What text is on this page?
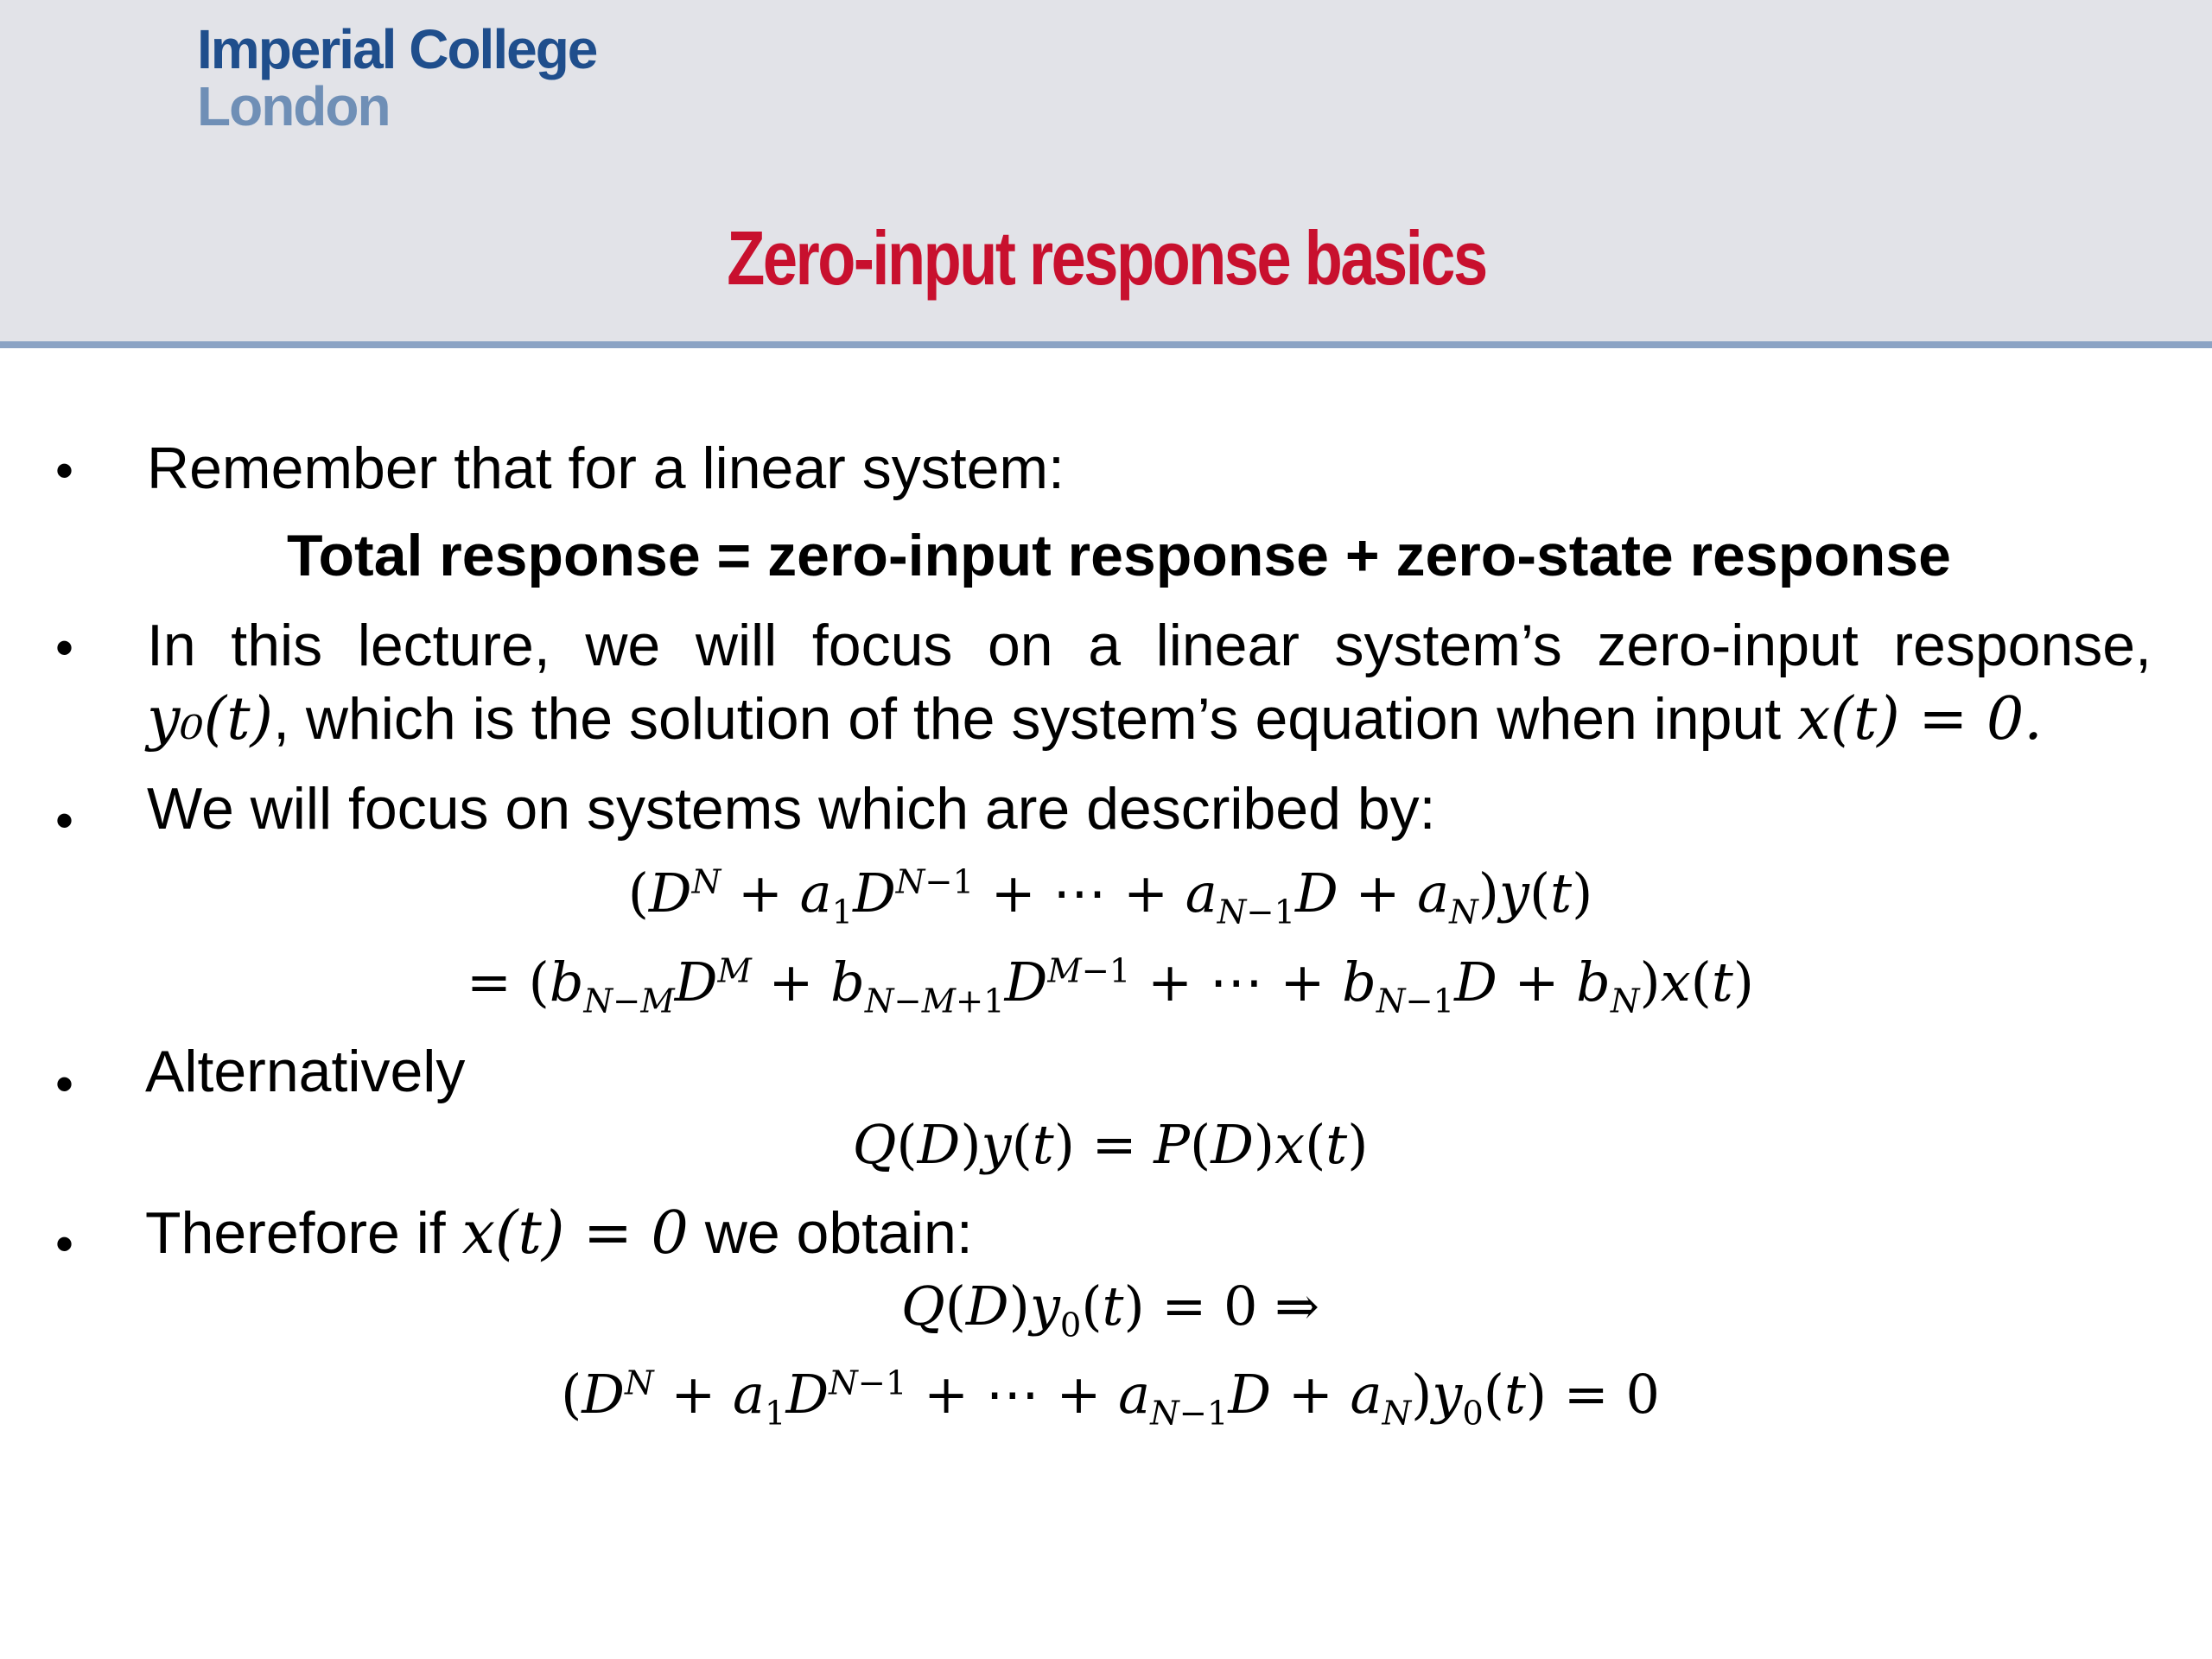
Imperial College
London
Zero-input response basics
• Remember that for a linear system:
Total response = zero-input response + zero-state response
• In this lecture, we will focus on a linear system’s zero-input response,
y₀(t), which is the solution of the system’s equation when input x(t) = 0.
• We will focus on systems which are described by:
($D^N + a_1D^{N-1}$ + ⋯ + $a_{N-1}D + a_N)y(t)$
= ($b_{N-M}D^M + b_{N-M+1}D^{M-1}$ + ⋯ + $b_{N-1}D + b_N)x(t)$
• Alternatively
Q(D)y(t) = P(D)x(t)
• Therefore if x(t) = 0 we obtain:
$Q(D)y_0(t) = 0$ ⇒
($D^N + a_1D^{N-1}$ + ⋯ + $a_{N-1}D + a_N)y_0(t) = 0$
